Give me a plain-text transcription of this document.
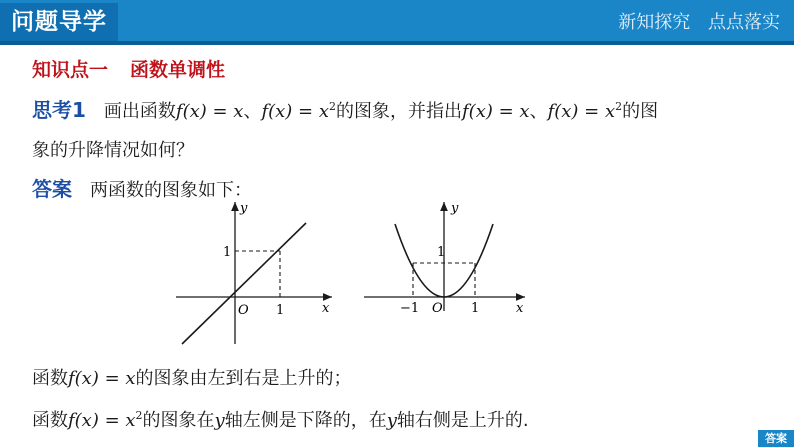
问题导学	新知探究 点点落实
知识点一 函数单调性
思考1 画出函数f(x) = x、$f(x) = x^2$的图象，并指出f(x) = x、$f(x) = x^2$的图
象的升降情况如何？
答案 两函数的图象如下：
y
x
O 1
1
y
x
O
−1	1
1
函数f(x) = x的图象由左到右是上升的；
函数$f(x) = x^2$的图象在y轴左侧是下降的，在y轴右侧是上升的.
答案
